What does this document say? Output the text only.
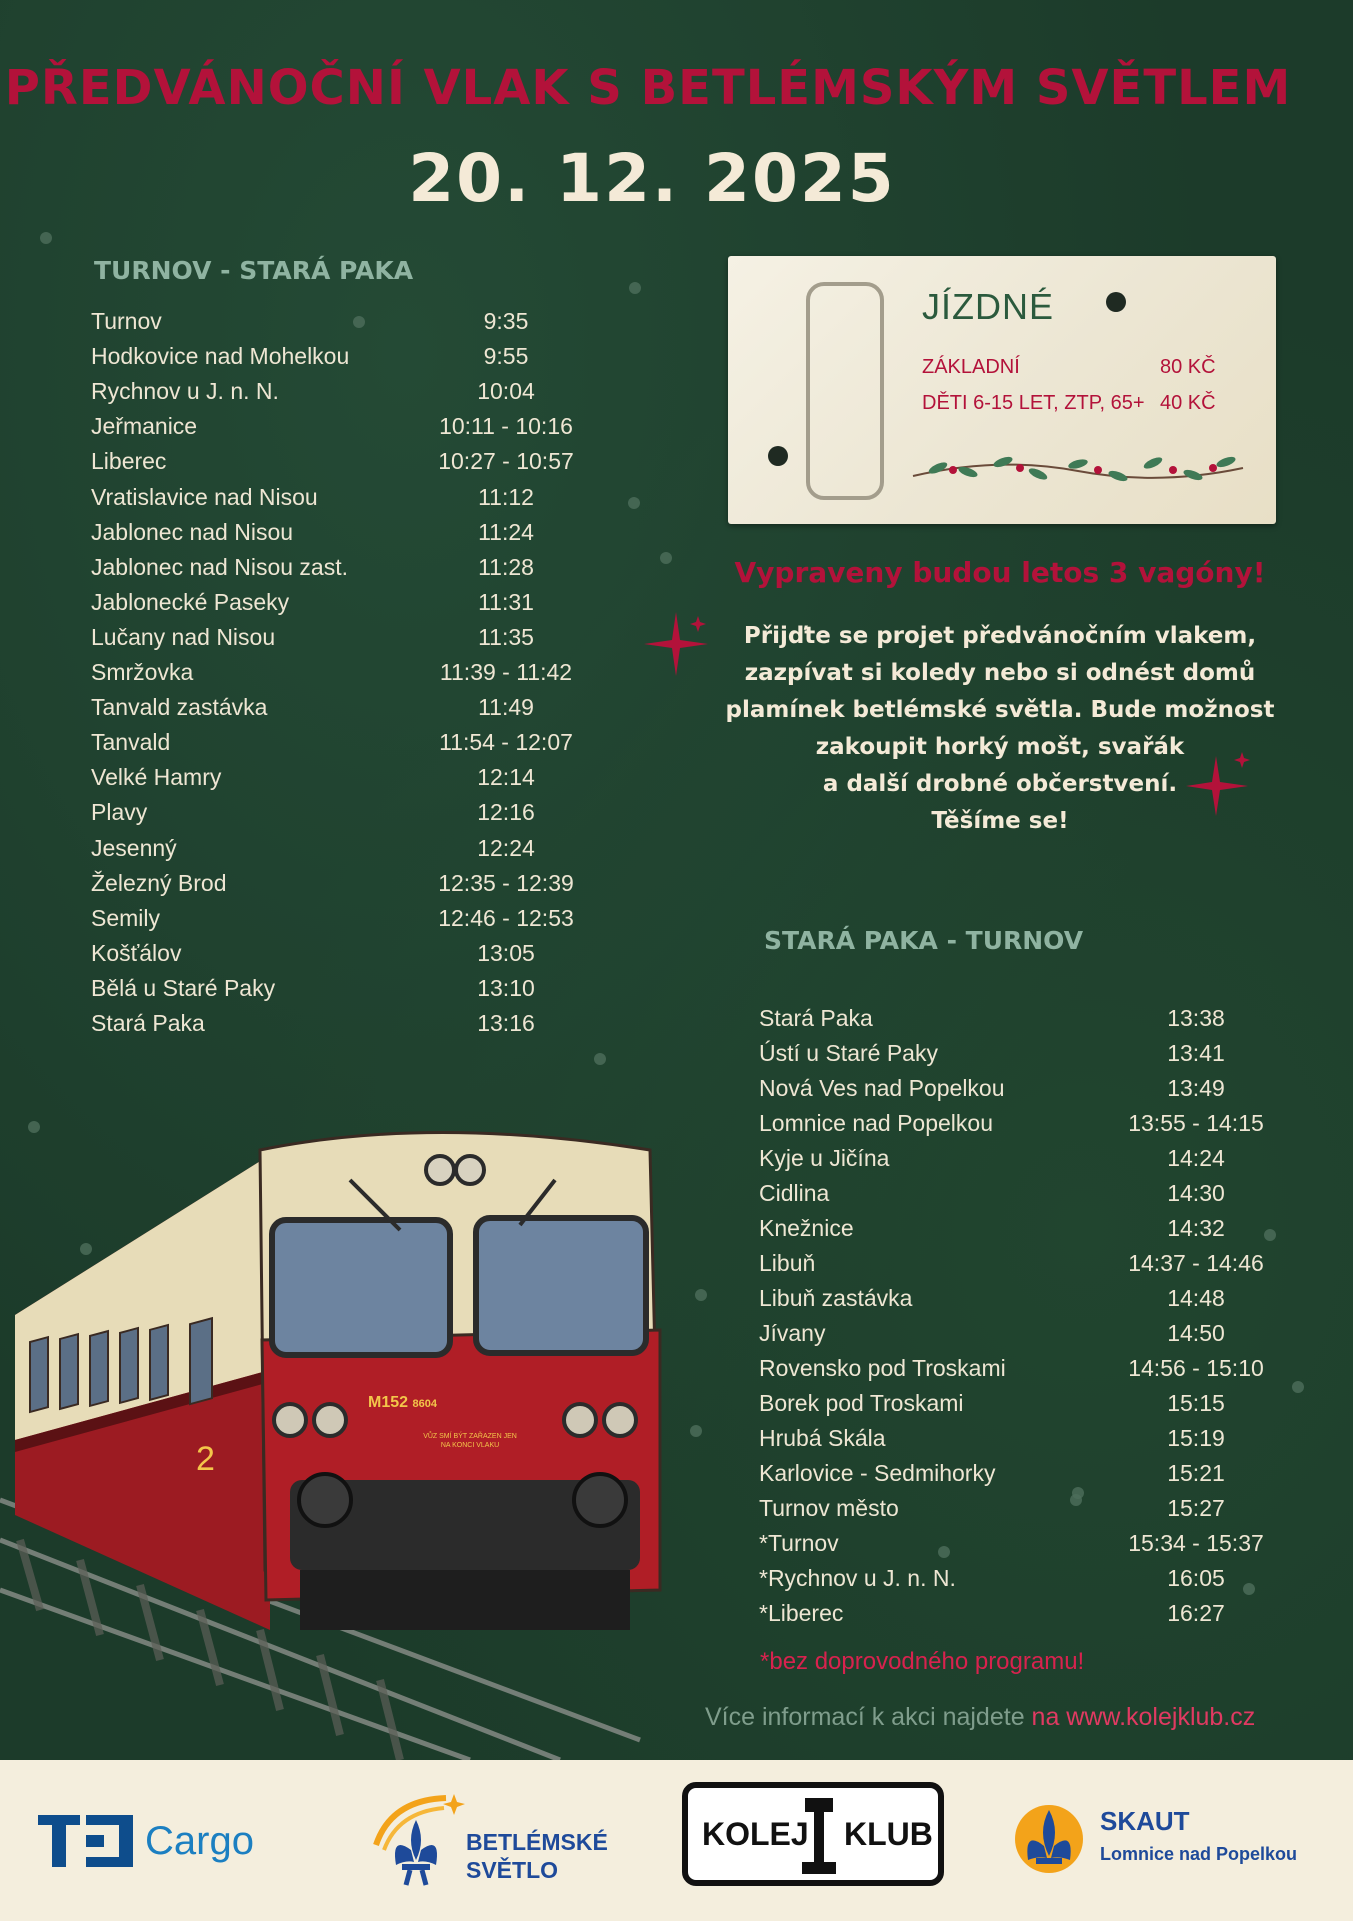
PŘEDVÁNOČNÍ VLAK S BETLÉMSKÝM SVĚTLEM
20. 12. 2025
TURNOV - STARÁ PAKA
Turnov	9:35
Hodkovice nad Mohelkou	9:55
Rychnov u J. n. N.	10:04
Jeřmanice	10:11 - 10:16
Liberec	10:27 - 10:57
Vratislavice nad Nisou	11:12
Jablonec nad Nisou	11:24
Jablonec nad Nisou zast.	11:28
Jablonecké Paseky	11:31
Lučany nad Nisou	11:35
Smržovka	11:39 - 11:42
Tanvald zastávka	11:49
Tanvald	11:54 - 12:07
Velké Hamry	12:14
Plavy	12:16
Jesenný	12:24
Železný Brod	12:35 - 12:39
Semily	12:46 - 12:53
Košťálov	13:05
Bělá u Staré Paky	13:10
Stará Paka	13:16
JÍZDNÉ
ZÁKLADNÍ	80 KČ
DĚTI 6-15 LET, ZTP, 65+ 40 KČ
Vypraveny budou letos 3 vagóny!
Přijďte se projet předvánočním vlakem,
zazpívat si koledy nebo si odnést domů
plamínek betlémské světla. Bude možnost
zakoupit horký mošt, svařák
a další drobné občerstvení.
Těšíme se!
STARÁ PAKA - TURNOV
Stará Paka	13:38
Ústí u Staré Paky	13:41
Nová Ves nad Popelkou	13:49
Lomnice nad Popelkou	13:55 - 14:15
Kyje u Jičína	14:24
Cidlina	14:30
Knežnice	14:32
Libuň	14:37 - 14:46
Libuň zastávka	14:48
Jívany	14:50
Rovensko pod Troskami	14:56 - 15:10
Borek pod Troskami	15:15
Hrubá Skála	15:19
Karlovice - Sedmihorky	15:21
Turnov město	15:27
*Turnov	15:34 - 15:37
*Rychnov u J. n. N.	16:05
*Liberec	16:27
*bez doprovodného programu!
Více informací k akci najdete na www.kolejklub.cz
M152 8604
2
VŮZ SMÍ BÝT ZAŘAZEN JEN NA KONCI VLAKU
Cargo	BETLÉMSKÉ
SVĚTLO
KOLEJ KLUB	SKAUT
Lomnice nad Popelkou
